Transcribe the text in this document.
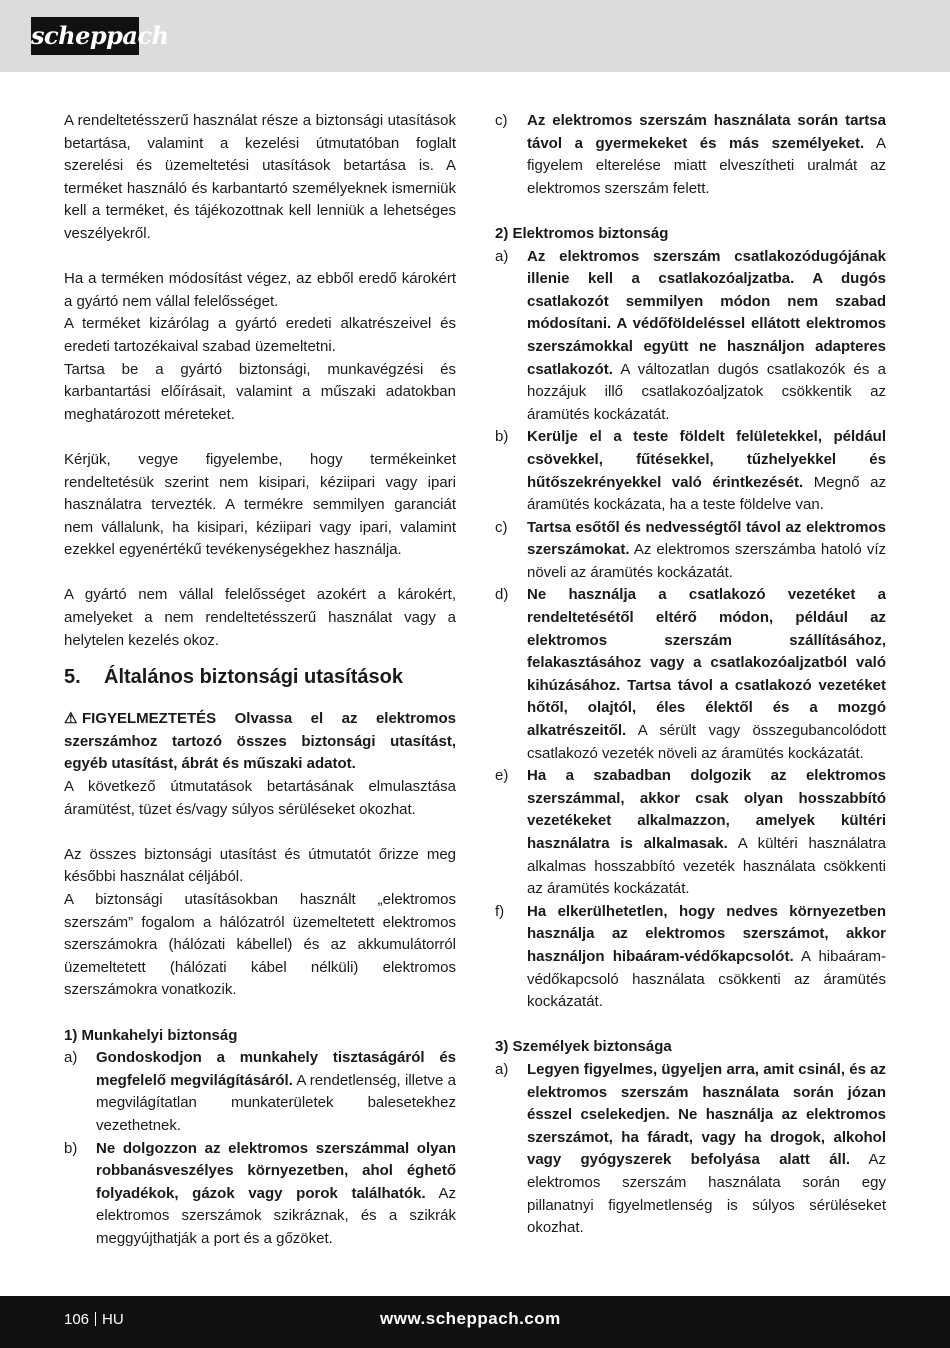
scheppach

A rendeltetésszerű használat része a biztonsági utasítások betartása, valamint a kezelési útmutatóban foglalt szerelési és üzemeltetési utasítások betartása is. A terméket használó és karbantartó személyeknek ismerniük kell a terméket, és tájékozottnak kell lenniük a lehetséges veszélyekről.

Ha a terméken módosítást végez, az ebből eredő károkért a gyártó nem vállal felelősséget.

A terméket kizárólag a gyártó eredeti alkatrészeivel és eredeti tartozékaival szabad üzemeltetni.

Tartsa be a gyártó biztonsági, munkavégzési és karbantartási előírásait, valamint a műszaki adatokban meghatározott méreteket.

Kérjük, vegye figyelembe, hogy termékeinket rendeltetésük szerint nem kisipari, kéziipari vagy ipari használatra tervezték. A termékre semmilyen garanciát nem vállalunk, ha kisipari, kéziipari vagy ipari, valamint ezekkel egyenértékű tevékenységekhez használja.

A gyártó nem vállal felelősséget azokért a károkért, amelyeket a nem rendeltetésszerű használat vagy a helytelen kezelés okoz.

5. Általános biztonsági utasítások

⚠ FIGYELMEZTETÉS Olvassa el az elektromos szerszámhoz tartozó összes biztonsági utasítást, egyéb utasítást, ábrát és műszaki adatot.

A következő útmutatások betartásának elmulasztása áramütést, tüzet és/vagy súlyos sérüléseket okozhat.

Az összes biztonsági utasítást és útmutatót őrizze meg későbbi használat céljából.

A biztonsági utasításokban használt „elektromos szerszám” fogalom a hálózatról üzemeltetett elektromos szerszámokra (hálózati kábellel) és az akkumulátorról üzemeltetett (hálózati kábel nélküli) elektromos szerszámokra vonatkozik.

1) Munkahelyi biztonság

a)	Gondoskodjon a munkahely tisztaságáról és megfelelő megvilágításáról. A rendetlenség, illetve a megvilágítatlan munkaterületek balesetekhez vezethetnek.
b)	Ne dolgozzon az elektromos szerszámmal olyan robbanásveszélyes környezetben, ahol éghető folyadékok, gázok vagy porok találhatók. Az elektromos szerszámok szikráznak, és a szikrák meggyújthatják a port és a gőzöket.
c)	Az elektromos szerszám használata során tartsa távol a gyermekeket és más személyeket. A figyelem elterelése miatt elveszítheti uralmát az elektromos szerszám felett.

2) Elektromos biztonság

a)	Az elektromos szerszám csatlakozódugójának illenie kell a csatlakozóaljzatba. A dugós csatlakozót semmilyen módon nem szabad módosítani. A védőföldeléssel ellátott elektromos szerszámokkal együtt ne használjon adapteres csatlakozót. A változatlan dugós csatlakozók és a hozzájuk illő csatlakozóaljzatok csökkentik az áramütés kockázatát.
b)	Kerülje el a teste földelt felületekkel, például csövekkel, fűtésekkel, tűzhelyekkel és hűtőszekrényekkel való érintkezését. Megnő az áramütés kockázata, ha a teste földelve van.
c)	Tartsa esőtől és nedvességtől távol az elektromos szerszámokat. Az elektromos szerszámba hatoló víz növeli az áramütés kockázatát.
d)	Ne használja a csatlakozó vezetéket a rendeltetésétől eltérő módon, például az elektromos szerszám szállításához, felakasztásához vagy a csatlakozóaljzatból való kihúzásához. Tartsa távol a csatlakozó vezetéket hőtől, olajtól, éles élektől és a mozgó alkatrészeitől. A sérült vagy összegubancolódott csatlakozó vezeték növeli az áramütés kockázatát.
e)	Ha a szabadban dolgozik az elektromos szerszámmal, akkor csak olyan hosszabbító vezetékeket alkalmazzon, amelyek kültéri használatra is alkalmasak. A kültéri használatra alkalmas hosszabbító vezeték használata csökkenti az áramütés kockázatát.
f)	Ha elkerülhetetlen, hogy nedves környezetben használja az elektromos szerszámot, akkor használjon hibaáram-védőkapcsolót. A hibaáram-védőkapcsoló használata csökkenti az áramütés kockázatát.

3) Személyek biztonsága

a)	Legyen figyelmes, ügyeljen arra, amit csinál, és az elektromos szerszám használata során józan ésszel cselekedjen. Ne használja az elektromos szerszámot, ha fáradt, vagy ha drogok, alkohol vagy gyógyszerek befolyása alatt áll. Az elektromos szerszám használata során egy pillanatnyi figyelmetlenség is súlyos sérüléseket okozhat.
106 HU	www.scheppach.com
